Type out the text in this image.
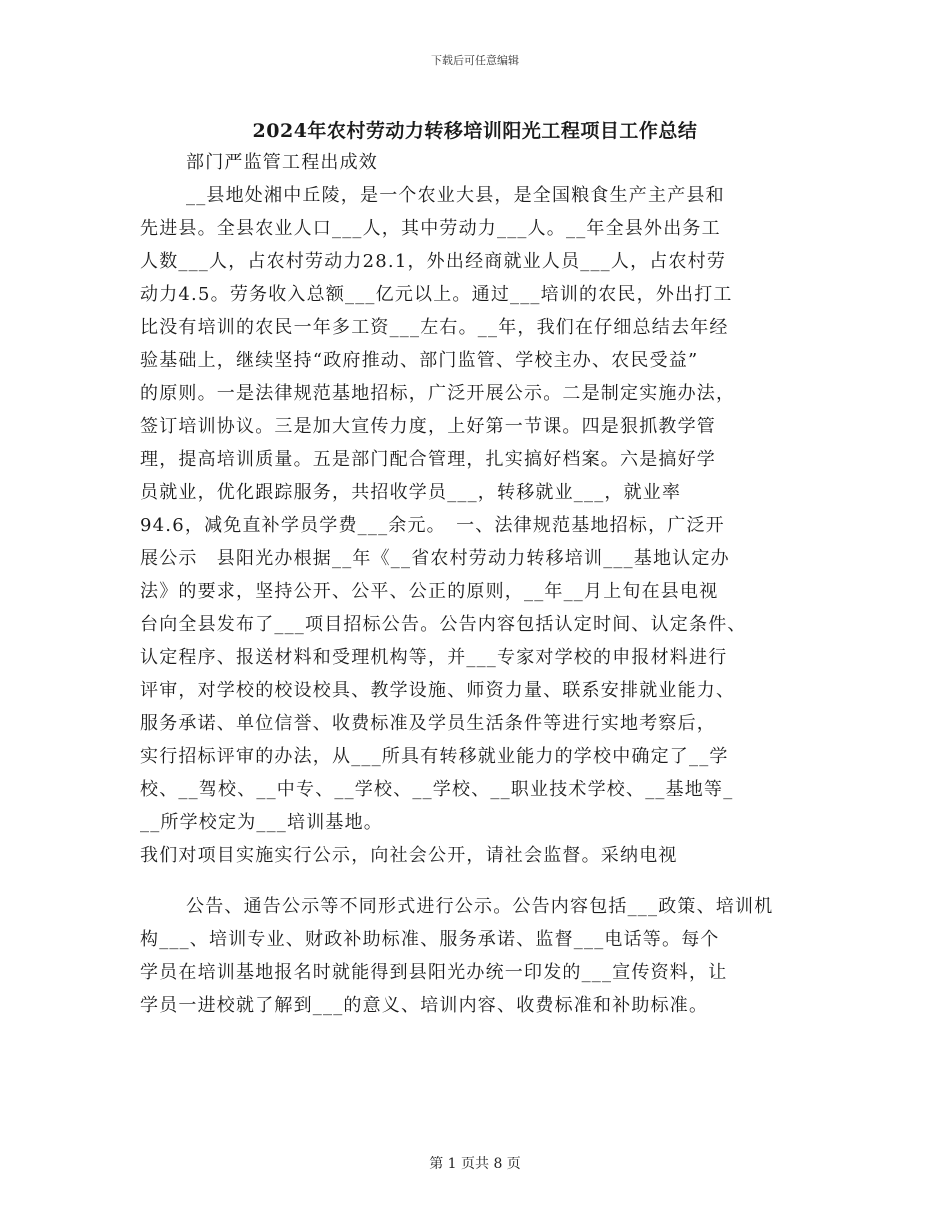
下载后可任意编辑
2024年农村劳动力转移培训阳光工程项目工作总结
部门严监管工程出成效
__县地处湘中丘陵，是一个农业大县，是全国粮食生产主产县和
先进县。全县农业人口___人，其中劳动力___人。__年全县外出务工
人数___人，占农村劳动力28.1，外出经商就业人员___人，占农村劳
动力4.5。劳务收入总额___亿元以上。通过___培训的农民，外出打工
比没有培训的农民一年多工资___左右。__年，我们在仔细总结去年经
验基础上，继续坚持“政府推动、部门监管、学校主办、农民受益”
的原则。一是法律规范基地招标，广泛开展公示。二是制定实施办法，
签订培训协议。三是加大宣传力度，上好第一节课。四是狠抓教学管
理，提高培训质量。五是部门配合管理，扎实搞好档案。六是搞好学
员就业，优化跟踪服务，共招收学员___，转移就业___，就业率
94.6，减免直补学员学费___余元。　一、法律规范基地招标，广泛开
展公示　县阳光办根据__年《__省农村劳动力转移培训___基地认定办
法》的要求，坚持公开、公平、公正的原则，__年__月上旬在县电视
台向全县发布了___项目招标公告。公告内容包括认定时间、认定条件、
认定程序、报送材料和受理机构等，并___专家对学校的申报材料进行
评审，对学校的校设校具、教学设施、师资力量、联系安排就业能力、
服务承诺、单位信誉、收费标准及学员生活条件等进行实地考察后，
实行招标评审的办法，从___所具有转移就业能力的学校中确定了__学
校、__驾校、__中专、__学校、__学校、__职业技术学校、__基地等_
__所学校定为___培训基地。
我们对项目实施实行公示，向社会公开，请社会监督。采纳电视
公告、通告公示等不同形式进行公示。公告内容包括___政策、培训机
构___、培训专业、财政补助标准、服务承诺、监督___电话等。每个
学员在培训基地报名时就能得到县阳光办统一印发的___宣传资料，让
学员一进校就了解到___的意义、培训内容、收费标准和补助标准。
第 1 页共 8 页
